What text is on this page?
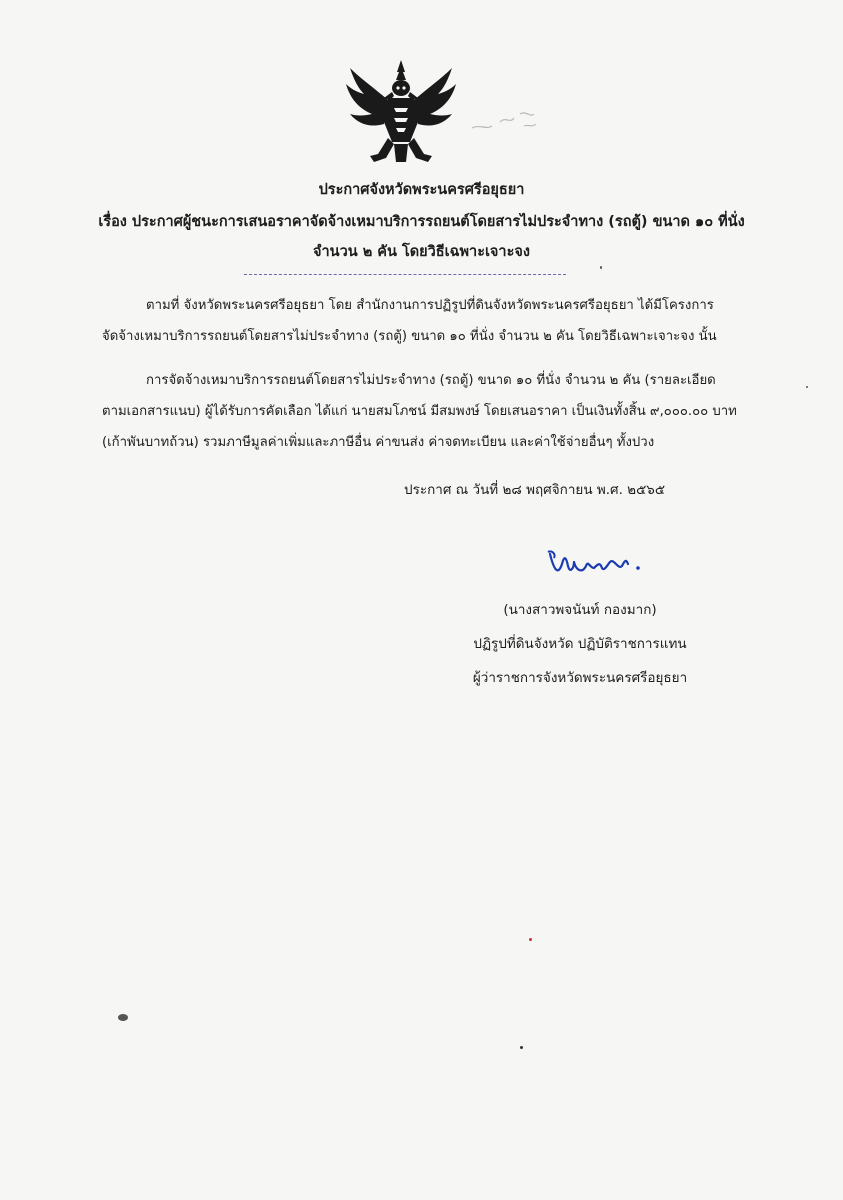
ประกาศจังหวัดพระนครศรีอยุธยา
เรื่อง ประกาศผู้ชนะการเสนอราคาจัดจ้างเหมาบริการรถยนต์โดยสารไม่ประจำทาง (รถตู้) ขนาด ๑๐ ที่นั่ง
จำนวน ๒ คัน โดยวิธีเฉพาะเจาะจง
ตามที่ จังหวัดพระนครศรีอยุธยา โดย สำนักงานการปฏิรูปที่ดินจังหวัดพระนครศรีอยุธยา ได้มีโครงการ
จัดจ้างเหมาบริการรถยนต์โดยสารไม่ประจำทาง (รถตู้) ขนาด ๑๐ ที่นั่ง จำนวน ๒ คัน โดยวิธีเฉพาะเจาะจง นั้น
การจัดจ้างเหมาบริการรถยนต์โดยสารไม่ประจำทาง (รถตู้) ขนาด ๑๐ ที่นั่ง จำนวน ๒ คัน (รายละเอียด
ตามเอกสารแนบ) ผู้ได้รับการคัดเลือก ได้แก่ นายสมโภชน์ มีสมพงษ์ โดยเสนอราคา เป็นเงินทั้งสิ้น ๙,๐๐๐.๐๐ บาท
(เก้าพันบาทถ้วน) รวมภาษีมูลค่าเพิ่มและภาษีอื่น ค่าขนส่ง ค่าจดทะเบียน และค่าใช้จ่ายอื่นๆ ทั้งปวง
ประกาศ ณ วันที่ ๒๘ พฤศจิกายน พ.ศ. ๒๕๖๕
(นางสาวพจนันท์ กองมาก)
ปฏิรูปที่ดินจังหวัด ปฏิบัติราชการแทน
ผู้ว่าราชการจังหวัดพระนครศรีอยุธยา
